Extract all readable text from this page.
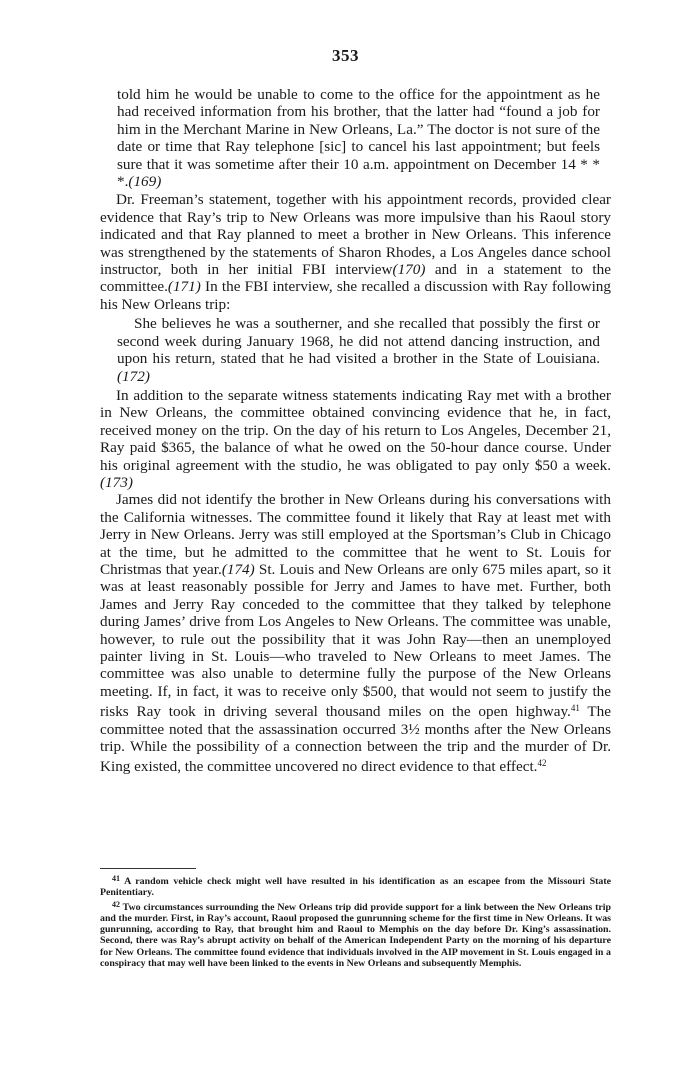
353

told him he would be unable to come to the office for the appointment as he had received information from his brother, that the latter had “found a job for him in the Merchant Marine in New Orleans, La.” The doctor is not sure of the date or time that Ray telephone [sic] to cancel his last appointment; but feels sure that it was sometime after their 10 a.m. appointment on December 14 * * *.(169)

Dr. Freeman’s statement, together with his appointment records, provided clear evidence that Ray’s trip to New Orleans was more impulsive than his Raoul story indicated and that Ray planned to meet a brother in New Orleans. This inference was strengthened by the statements of Sharon Rhodes, a Los Angeles dance school instructor, both in her initial FBI interview(170) and in a statement to the committee.(171) In the FBI interview, she recalled a discussion with Ray following his New Orleans trip:

She believes he was a southerner, and she recalled that possibly the first or second week during January 1968, he did not attend dancing instruction, and upon his return, stated that he had visited a brother in the State of Louisiana.(172)

In addition to the separate witness statements indicating Ray met with a brother in New Orleans, the committee obtained convincing evidence that he, in fact, received money on the trip. On the day of his return to Los Angeles, December 21, Ray paid $365, the balance of what he owed on the 50-hour dance course. Under his original agreement with the studio, he was obligated to pay only $50 a week.(173)

James did not identify the brother in New Orleans during his conversations with the California witnesses. The committee found it likely that Ray at least met with Jerry in New Orleans. Jerry was still employed at the Sportsman’s Club in Chicago at the time, but he admitted to the committee that he went to St. Louis for Christmas that year.(174) St. Louis and New Orleans are only 675 miles apart, so it was at least reasonably possible for Jerry and James to have met. Further, both James and Jerry Ray conceded to the committee that they talked by telephone during James’ drive from Los Angeles to New Orleans. The committee was unable, however, to rule out the possibility that it was John Ray—then an unemployed painter living in St. Louis—who traveled to New Orleans to meet James. The committee was also unable to determine fully the purpose of the New Orleans meeting. If, in fact, it was to receive only $500, that would not seem to justify the risks Ray took in driving several thousand miles on the open highway.$^{41}$ The committee noted that the assassination occurred 3½ months after the New Orleans trip. While the possibility of a connection between the trip and the murder of Dr. King existed, the committee uncovered no direct evidence to that effect.$^{42}$

$^{41}$ A random vehicle check might well have resulted in his identification as an escapee from the Missouri State Penitentiary.

$^{42}$ Two circumstances surrounding the New Orleans trip did provide support for a link between the New Orleans trip and the murder. First, in Ray’s account, Raoul proposed the gunrunning scheme for the first time in New Orleans. It was gunrunning, according to Ray, that brought him and Raoul to Memphis on the day before Dr. King’s assassination. Second, there was Ray’s abrupt activity on behalf of the American Independent Party on the morning of his departure for New Orleans. The committee found evidence that individuals involved in the AIP movement in St. Louis engaged in a conspiracy that may well have been linked to the events in New Orleans and subsequently Memphis.
